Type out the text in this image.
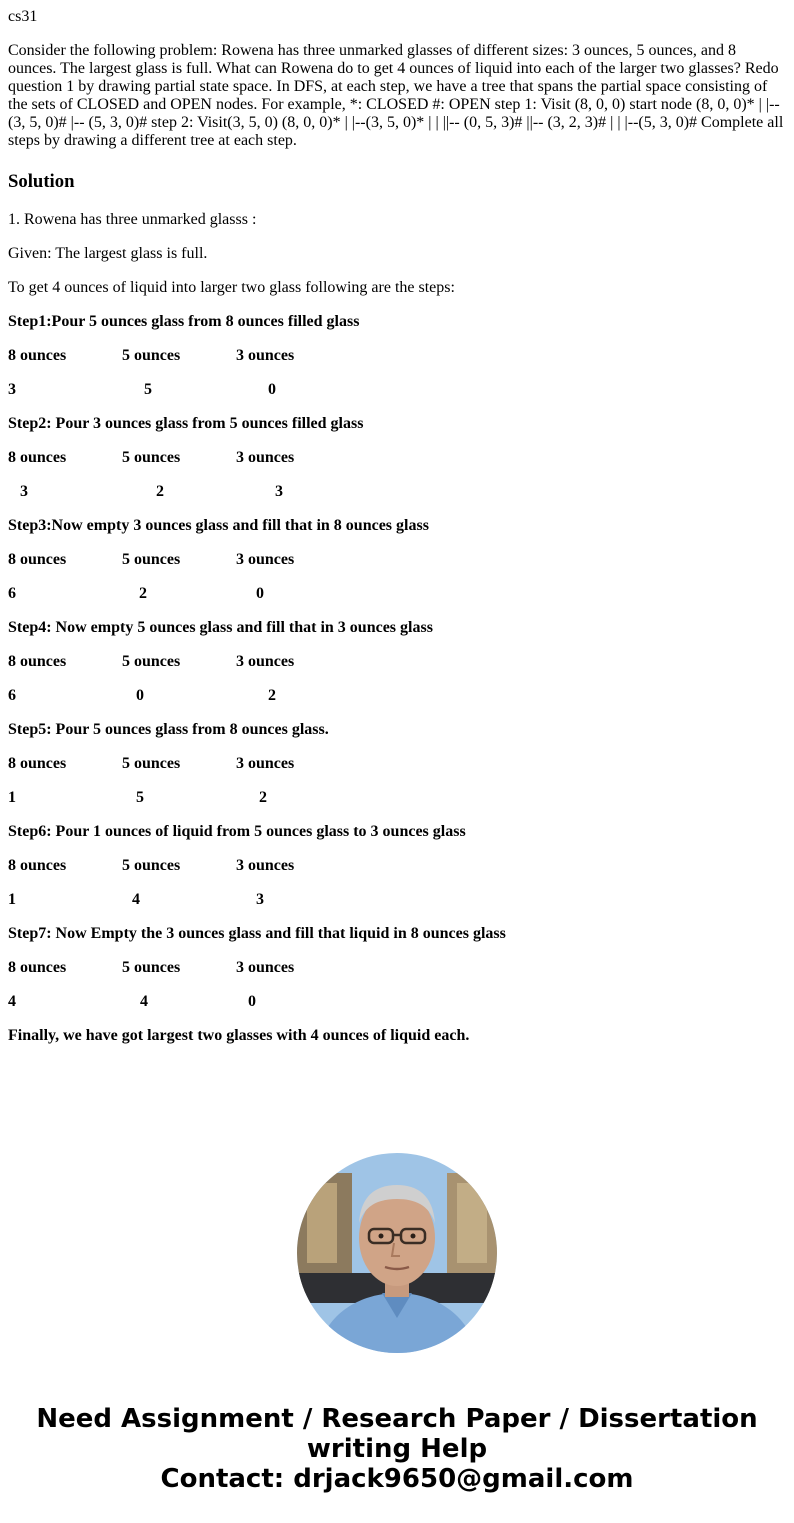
cs31

Consider the following problem: Rowena has three unmarked glasses of different sizes: 3 ounces, 5 ounces, and 8 ounces. The largest glass is full. What can Rowena do to get 4 ounces of liquid into each of the larger two glasses? Redo question 1 by drawing partial state space. In DFS, at each step, we have a tree that spans the partial space consisting of the sets of CLOSED and OPEN nodes. For example, *: CLOSED #: OPEN step 1: Visit (8, 0, 0) start node (8, 0, 0)* | |--(3, 5, 0)# |-- (5, 3, 0)# step 2: Visit(3, 5, 0) (8, 0, 0)* | |--(3, 5, 0)* | | ||-- (0, 5, 3)# ||-- (3, 2, 3)# | | |--(5, 3, 0)# Complete all steps by drawing a different tree at each step.

Solution

1. Rowena has three unmarked glasss :

Given: The largest glass is full.

To get 4 ounces of liquid into larger two glass following are the steps:

Step1:Pour 5 ounces glass from 8 ounces filled glass

8 ounces	5 ounces	3 ounces
3	5	0

Step2: Pour 3 ounces glass from 5 ounces filled glass

8 ounces	5 ounces	3 ounces
3	2	3

Step3:Now empty 3 ounces glass and fill that in 8 ounces glass

8 ounces	5 ounces	3 ounces
6	2	0

Step4: Now empty 5 ounces glass and fill that in 3 ounces glass

8 ounces	5 ounces	3 ounces
6	0	2

Step5: Pour 5 ounces glass from 8 ounces glass.

8 ounces	5 ounces	3 ounces
1	5	2

Step6: Pour 1 ounces of liquid from 5 ounces glass to 3 ounces glass

8 ounces	5 ounces	3 ounces
1	4	3

Step7: Now Empty the 3 ounces glass and fill that liquid in 8 ounces glass

8 ounces	5 ounces	3 ounces
4	4	0

Finally, we have got largest two glasses with 4 ounces of liquid each.

Need Assignment / Research Paper / Dissertation
writing Help
Contact: drjack9650@gmail.com
